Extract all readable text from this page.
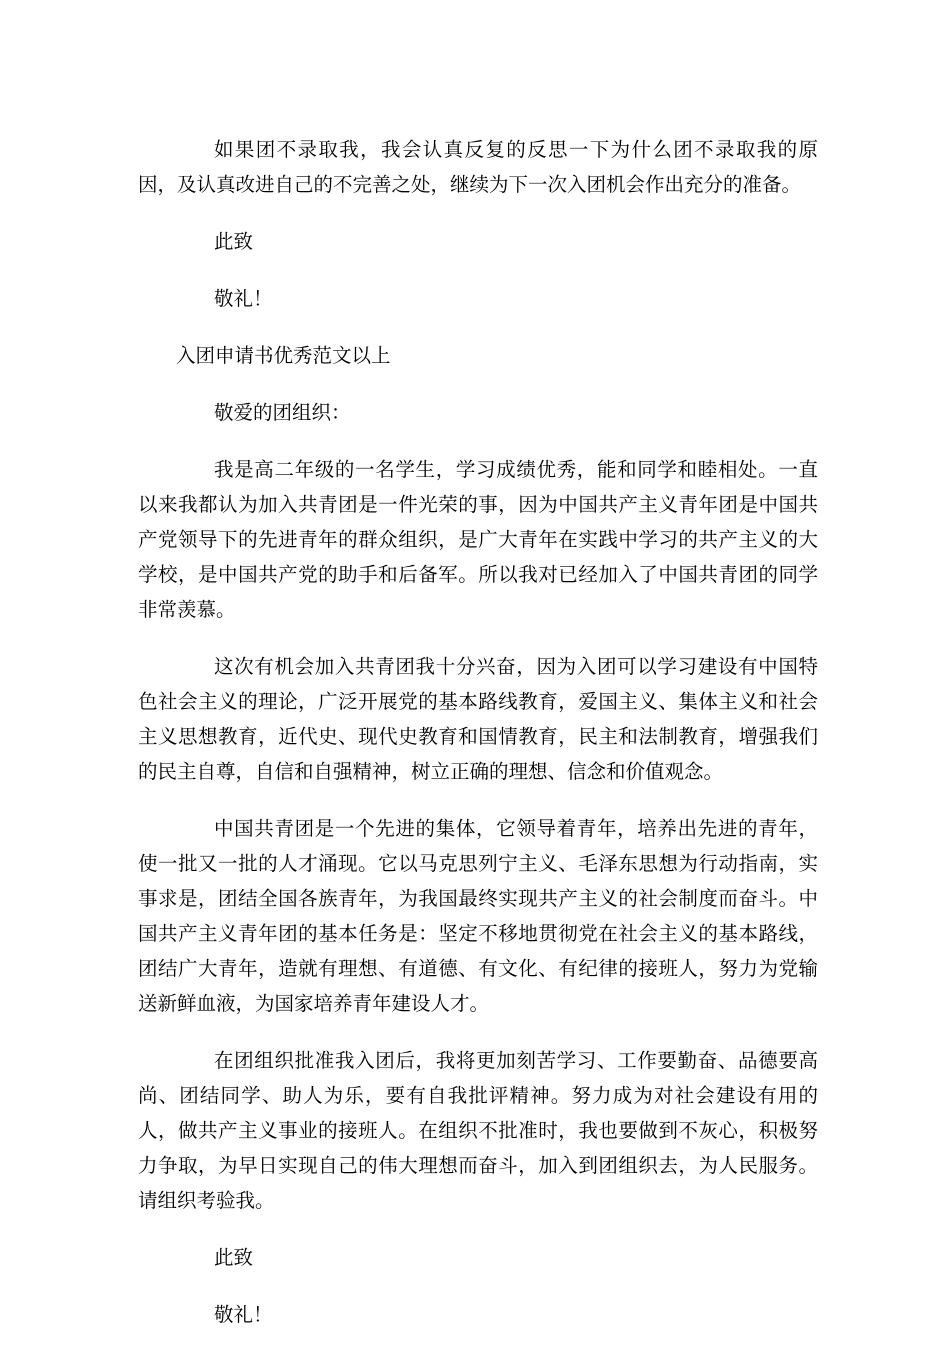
如果团不录取我，我会认真反复的反思一下为什么团不录取我的原因，及认真改进自己的不完善之处，继续为下一次入团机会作出充分的准备。

此致

敬礼！

入团申请书优秀范文以上

敬爱的团组织：

我是高二年级的一名学生，学习成绩优秀，能和同学和睦相处。一直以来我都认为加入共青团是一件光荣的事，因为中国共产主义青年团是中国共产党领导下的先进青年的群众组织，是广大青年在实践中学习的共产主义的大学校，是中国共产党的助手和后备军。所以我对已经加入了中国共青团的同学非常羡慕。

这次有机会加入共青团我十分兴奋，因为入团可以学习建设有中国特色社会主义的理论，广泛开展党的基本路线教育，爱国主义、集体主义和社会主义思想教育，近代史、现代史教育和国情教育，民主和法制教育，增强我们的民主自尊，自信和自强精神，树立正确的理想、信念和价值观念。

中国共青团是一个先进的集体，它领导着青年，培养出先进的青年，使一批又一批的人才涌现。它以马克思列宁主义、毛泽东思想为行动指南，实事求是，团结全国各族青年，为我国最终实现共产主义的社会制度而奋斗。中国共产主义青年团的基本任务是：坚定不移地贯彻党在社会主义的基本路线，团结广大青年，造就有理想、有道德、有文化、有纪律的接班人，努力为党输送新鲜血液，为国家培养青年建设人才。

在团组织批准我入团后，我将更加刻苦学习、工作要勤奋、品德要高尚、团结同学、助人为乐，要有自我批评精神。努力成为对社会建设有用的人，做共产主义事业的接班人。在组织不批准时，我也要做到不灰心，积极努力争取，为早日实现自己的伟大理想而奋斗，加入到团组织去，为人民服务。请组织考验我。

此致

敬礼！
